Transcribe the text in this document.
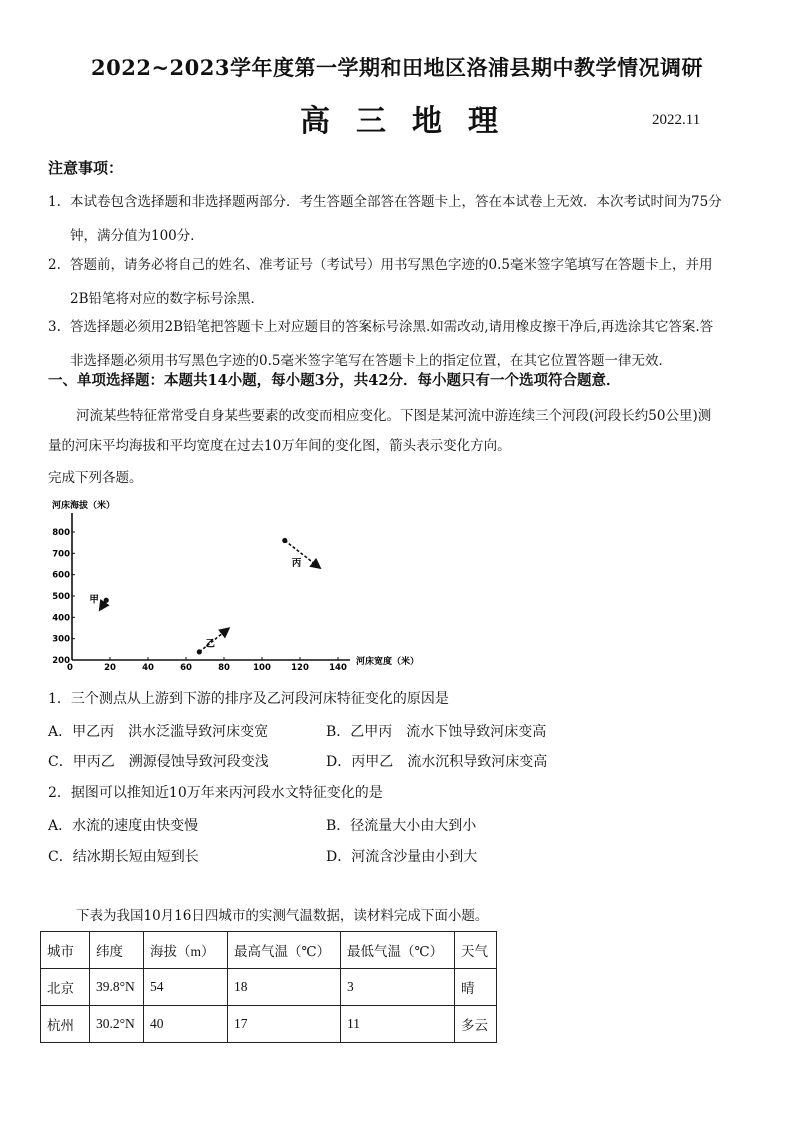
2022~2023学年度第一学期和田地区洛浦县期中教学情况调研
高三地理	2022.11
注意事项：
1. 本试卷包含选择题和非选择题两部分．考生答题全部答在答题卡上，答在本试卷上无效．本次考试时间为75分
钟，满分值为100分．
2. 答题前，请务必将自己的姓名、准考证号（考试号）用书写黑色字迹的0.5毫米签字笔填写在答题卡上，并用
2B铅笔将对应的数字标号涂黑．
3. 答选择题必须用2B铅笔把答题卡上对应题目的答案标号涂黑.如需改动,请用橡皮擦干净后,再选涂其它答案.答
非选择题必须用书写黑色字迹的0.5毫米签字笔写在答题卡上的指定位置，在其它位置答题一律无效．
一、单项选择题：本题共14小题，每小题3分，共42分．每小题只有一个选项符合题意．
河流某些特征常常受自身某些要素的改变而相应变化。下图是某河流中游连续三个河段(河段长约50公里)测
量的河床平均海拔和平均宽度在过去10万年间的变化图，箭头表示变化方向。
完成下列各题。
河床海拔（米）
河床宽度（米）
0	20	40	60	80	100 120 140
200
300
400
500
600
700
800
甲
乙
丙
1．三个测点从上游到下游的排序及乙河段河床特征变化的原因是
A．甲乙丙　洪水泛滥导致河床变宽	B．乙甲丙　流水下蚀导致河床变高
C．甲丙乙　溯源侵蚀导致河段变浅	D．丙甲乙　流水沉积导致河床变高
2．据图可以推知近10万年来丙河段水文特征变化的是
A．水流的速度由快变慢	B．径流量大小由大到小
C．结冰期长短由短到长	D．河流含沙量由小到大
下表为我国10月16日四城市的实测气温数据，读材料完成下面小题。
城市	纬度	海拔（m）	最高气温（℃）	最低气温（℃）	天气
北京	39.8°N	54	18	3	晴
杭州	30.2°N	40	17	11	多云
